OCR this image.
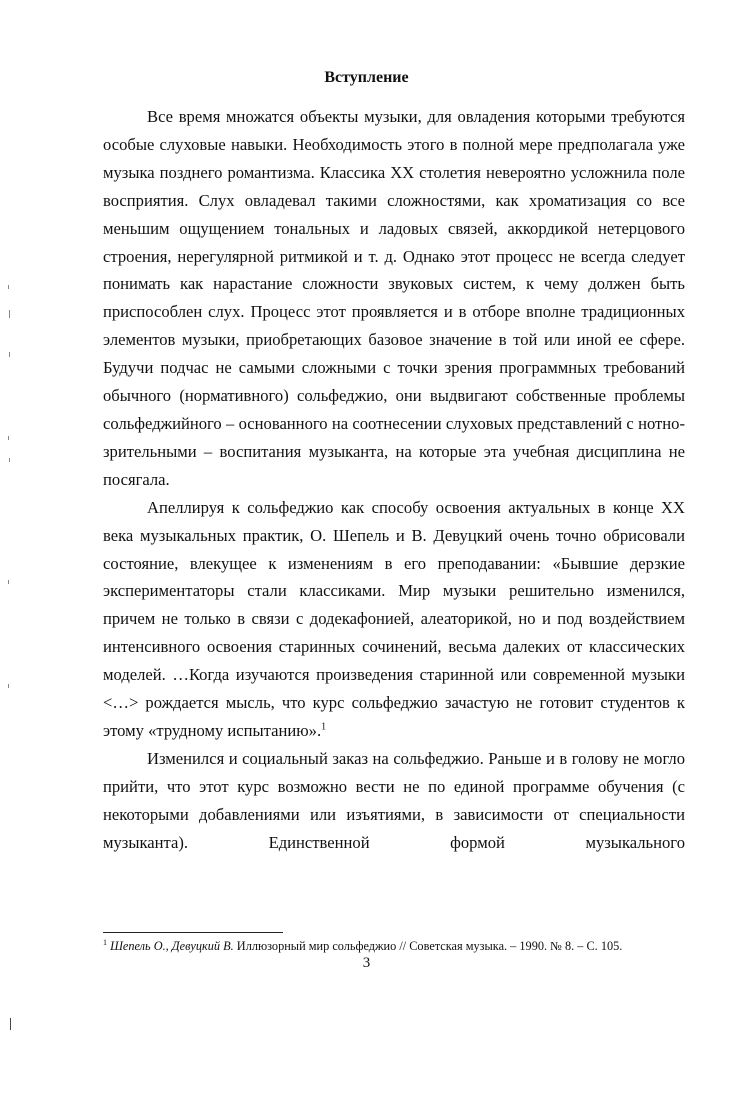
Вступление

Все время множатся объекты музыки, для овладения которыми требуются особые слуховые навыки. Необходимость этого в полной мере предполагала уже музыка позднего романтизма. Классика XX столетия невероятно усложнила поле восприятия. Слух овладевал такими сложностями, как хроматизация со все меньшим ощущением тональных и ладовых связей, аккордикой нетерцового строения, нерегулярной ритмикой и т. д. Однако этот процесс не всегда следует понимать как нарастание сложности звуковых систем, к чему должен быть приспособлен слух. Процесс этот проявляется и в отборе вполне традиционных элементов музыки, приобретающих базовое значение в той или иной ее сфере. Будучи подчас не самыми сложными с точки зрения программных требований обычного (нормативного) сольфеджио, они выдвигают собственные проблемы сольфеджийного – основанного на соотнесении слуховых представлений с нотно-зрительными – воспитания музыканта, на которые эта учебная дисциплина не посягала.

Апеллируя к сольфеджио как способу освоения актуальных в конце XX века музыкальных практик, О. Шепель и В. Девуцкий очень точно обрисовали состояние, влекущее к изменениям в его преподавании: «Бывшие дерзкие экспериментаторы стали классиками. Мир музыки решительно изменился, причем не только в связи с додекафонией, алеаторикой, но и под воздействием интенсивного освоения старинных сочинений, весьма далеких от классических моделей. …Когда изучаются произведения старинной или современной музыки <…> рождается мысль, что курс сольфеджио зачастую не готовит студентов к этому «трудному испытанию».$^1$

Изменился и социальный заказ на сольфеджио. Раньше и в голову не могло прийти, что этот курс возможно вести не по единой программе обучения (с некоторыми добавлениями или изъятиями, в зависимости от специальности музыканта). Единственной формой музыкального

$^1$ Шепель О., Девуцкий В. Иллюзорный мир сольфеджио // Советская музыка. – 1990. № 8. – С. 105.
3
